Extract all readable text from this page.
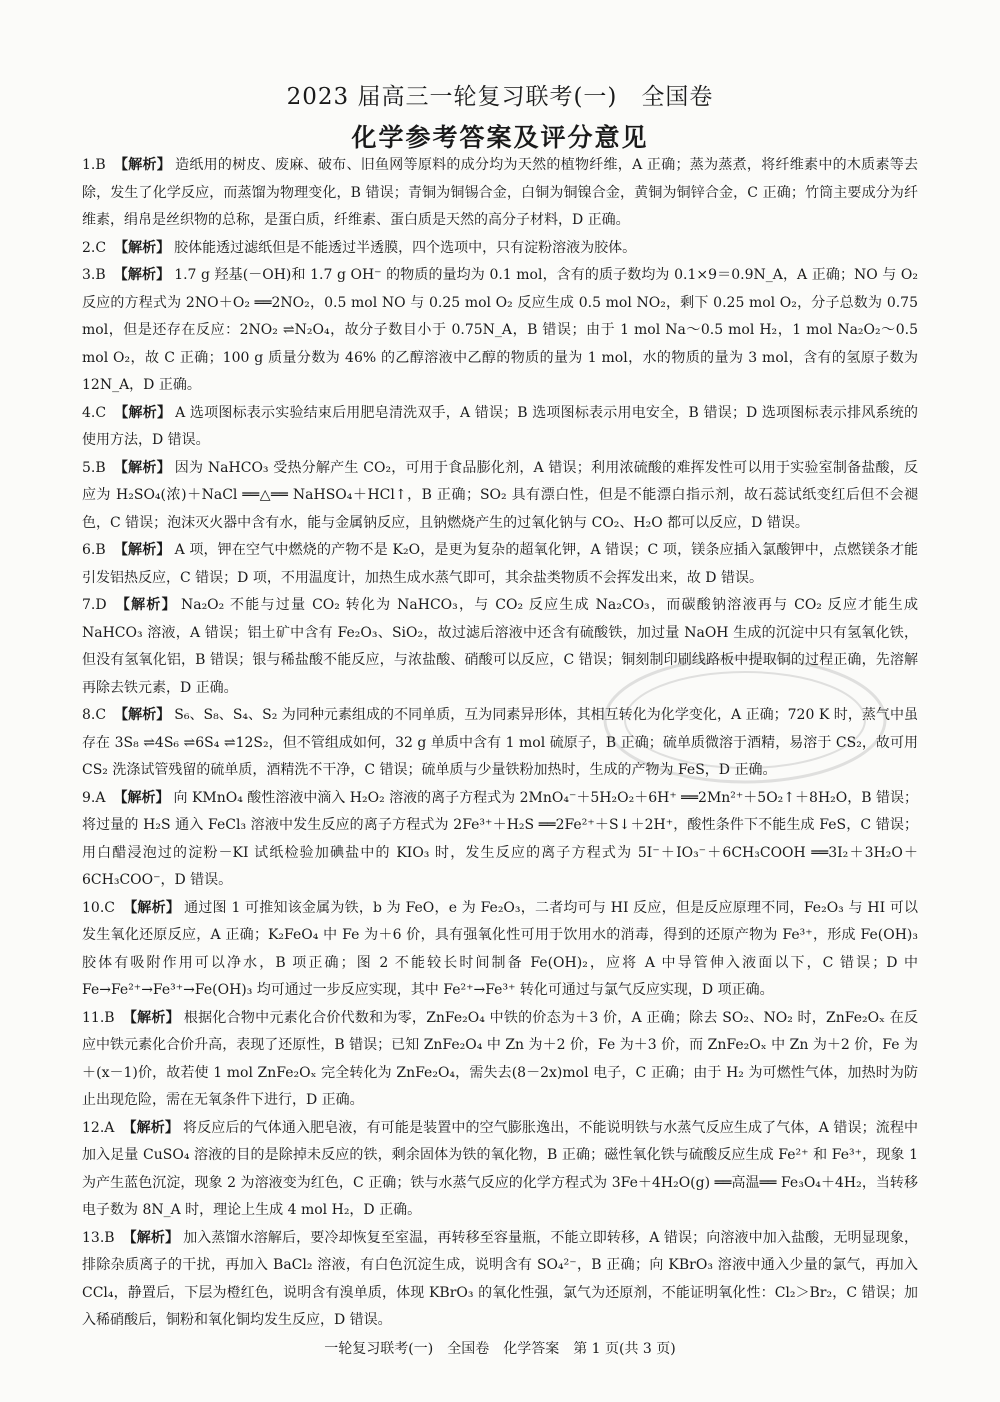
2023 届高三一轮复习联考(一)　全国卷
化学参考答案及评分意见

1.B 【解析】 造纸用的树皮、废麻、破布、旧鱼网等原料的成分均为天然的植物纤维，A 正确；蒸为蒸煮，将纤维素中的木质素等去除，发生了化学反应，而蒸馏为物理变化，B 错误；青铜为铜锡合金，白铜为铜镍合金，黄铜为铜锌合金，C 正确；竹筒主要成分为纤维素，绢帛是丝织物的总称，是蛋白质，纤维素、蛋白质是天然的高分子材料，D 正确。

2.C 【解析】 胶体能透过滤纸但是不能透过半透膜，四个选项中，只有淀粉溶液为胶体。

3.B 【解析】 1.7 g 羟基(－OH)和 1.7 g OH⁻ 的物质的量均为 0.1 mol，含有的质子数均为 0.1×9＝0.9N_A，A 正确；NO 与 O₂ 反应的方程式为 2NO＋O₂ ══2NO₂，0.5 mol NO 与 0.25 mol O₂ 反应生成 0.5 mol NO₂，剩下 0.25 mol O₂，分子总数为 0.75 mol，但是还存在反应：2NO₂ ⇌N₂O₄，故分子数目小于 0.75N_A，B 错误；由于 1 mol Na～0.5 mol H₂，1 mol Na₂O₂～0.5 mol O₂，故 C 正确；100 g 质量分数为 46% 的乙醇溶液中乙醇的物质的量为 1 mol，水的物质的量为 3 mol，含有的氢原子数为 12N_A，D 正确。

4.C 【解析】 A 选项图标表示实验结束后用肥皂清洗双手，A 错误；B 选项图标表示用电安全，B 错误；D 选项图标表示排风系统的使用方法，D 错误。

5.B 【解析】 因为 NaHCO₃ 受热分解产生 CO₂，可用于食品膨化剂，A 错误；利用浓硫酸的难挥发性可以用于实验室制备盐酸，反应为 H₂SO₄(浓)＋NaCl ══△══ NaHSO₄＋HCl↑，B 正确；SO₂ 具有漂白性，但是不能漂白指示剂，故石蕊试纸变红后但不会褪色，C 错误；泡沫灭火器中含有水，能与金属钠反应，且钠燃烧产生的过氧化钠与 CO₂、H₂O 都可以反应，D 错误。

6.B 【解析】 A 项，钾在空气中燃烧的产物不是 K₂O，是更为复杂的超氧化钾，A 错误；C 项，镁条应插入氯酸钾中，点燃镁条才能引发铝热反应，C 错误；D 项，不用温度计，加热生成水蒸气即可，其余盐类物质不会挥发出来，故 D 错误。

7.D 【解析】 Na₂O₂ 不能与过量 CO₂ 转化为 NaHCO₃，与 CO₂ 反应生成 Na₂CO₃，而碳酸钠溶液再与 CO₂ 反应才能生成 NaHCO₃ 溶液，A 错误；铝土矿中含有 Fe₂O₃、SiO₂，故过滤后溶液中还含有硫酸铁，加过量 NaOH 生成的沉淀中只有氢氧化铁，但没有氢氧化铝，B 错误；银与稀盐酸不能反应，与浓盐酸、硝酸可以反应，C 错误；铜刻制印刷线路板中提取铜的过程正确，先溶解再除去铁元素，D 正确。

8.C 【解析】 S₆、S₈、S₄、S₂ 为同种元素组成的不同单质，互为同素异形体，其相互转化为化学变化，A 正确；720 K 时，蒸气中虽存在 3S₈ ⇌4S₆ ⇌6S₄ ⇌12S₂，但不管组成如何，32 g 单质中含有 1 mol 硫原子，B 正确；硫单质微溶于酒精，易溶于 CS₂，故可用 CS₂ 洗涤试管残留的硫单质，酒精洗不干净，C 错误；硫单质与少量铁粉加热时，生成的产物为 FeS，D 正确。

9.A 【解析】 向 KMnO₄ 酸性溶液中滴入 H₂O₂ 溶液的离子方程式为 2MnO₄⁻＋5H₂O₂＋6H⁺ ══2Mn²⁺＋5O₂↑＋8H₂O，B 错误；将过量的 H₂S 通入 FeCl₃ 溶液中发生反应的离子方程式为 2Fe³⁺＋H₂S ══2Fe²⁺＋S↓＋2H⁺，酸性条件下不能生成 FeS，C 错误；用白醋浸泡过的淀粉－KI 试纸检验加碘盐中的 KIO₃ 时，发生反应的离子方程式为 5I⁻＋IO₃⁻＋6CH₃COOH ══3I₂＋3H₂O＋6CH₃COO⁻，D 错误。

10.C 【解析】 通过图 1 可推知该金属为铁，b 为 FeO，e 为 Fe₂O₃，二者均可与 HI 反应，但是反应原理不同，Fe₂O₃ 与 HI 可以发生氧化还原反应，A 正确；K₂FeO₄ 中 Fe 为＋6 价，具有强氧化性可用于饮用水的消毒，得到的还原产物为 Fe³⁺，形成 Fe(OH)₃ 胶体有吸附作用可以净水，B 项正确；图 2 不能较长时间制备 Fe(OH)₂，应将 A 中导管伸入液面以下，C 错误；D 中 Fe→Fe²⁺→Fe³⁺→Fe(OH)₃ 均可通过一步反应实现，其中 Fe²⁺→Fe³⁺ 转化可通过与氯气反应实现，D 项正确。

11.B 【解析】 根据化合物中元素化合价代数和为零，ZnFe₂O₄ 中铁的价态为＋3 价，A 正确；除去 SO₂、NO₂ 时，ZnFe₂Oₓ 在反应中铁元素化合价升高，表现了还原性，B 错误；已知 ZnFe₂O₄ 中 Zn 为＋2 价，Fe 为＋3 价，而 ZnFe₂Oₓ 中 Zn 为＋2 价，Fe 为＋(x－1)价，故若使 1 mol ZnFe₂Oₓ 完全转化为 ZnFe₂O₄，需失去(8－2x)mol 电子，C 正确；由于 H₂ 为可燃性气体，加热时为防止出现危险，需在无氧条件下进行，D 正确。

12.A 【解析】 将反应后的气体通入肥皂液，有可能是装置中的空气膨胀逸出，不能说明铁与水蒸气反应生成了气体，A 错误；流程中加入足量 CuSO₄ 溶液的目的是除掉未反应的铁，剩余固体为铁的氧化物，B 正确；磁性氧化铁与硫酸反应生成 Fe²⁺ 和 Fe³⁺，现象 1 为产生蓝色沉淀，现象 2 为溶液变为红色，C 正确；铁与水蒸气反应的化学方程式为 3Fe＋4H₂O(g) ══高温══ Fe₃O₄＋4H₂，当转移电子数为 8N_A 时，理论上生成 4 mol H₂，D 正确。

13.B 【解析】 加入蒸馏水溶解后，要冷却恢复至室温，再转移至容量瓶，不能立即转移，A 错误；向溶液中加入盐酸，无明显现象，排除杂质离子的干扰，再加入 BaCl₂ 溶液，有白色沉淀生成，说明含有 SO₄²⁻，B 正确；向 KBrO₃ 溶液中通入少量的氯气，再加入 CCl₄，静置后，下层为橙红色，说明含有溴单质，体现 KBrO₃ 的氧化性强，氯气为还原剂，不能证明氧化性：Cl₂＞Br₂，C 错误；加入稀硝酸后，铜粉和氧化铜均发生反应，D 错误。

一轮复习联考(一)　全国卷　化学答案　第 1 页(共 3 页)
